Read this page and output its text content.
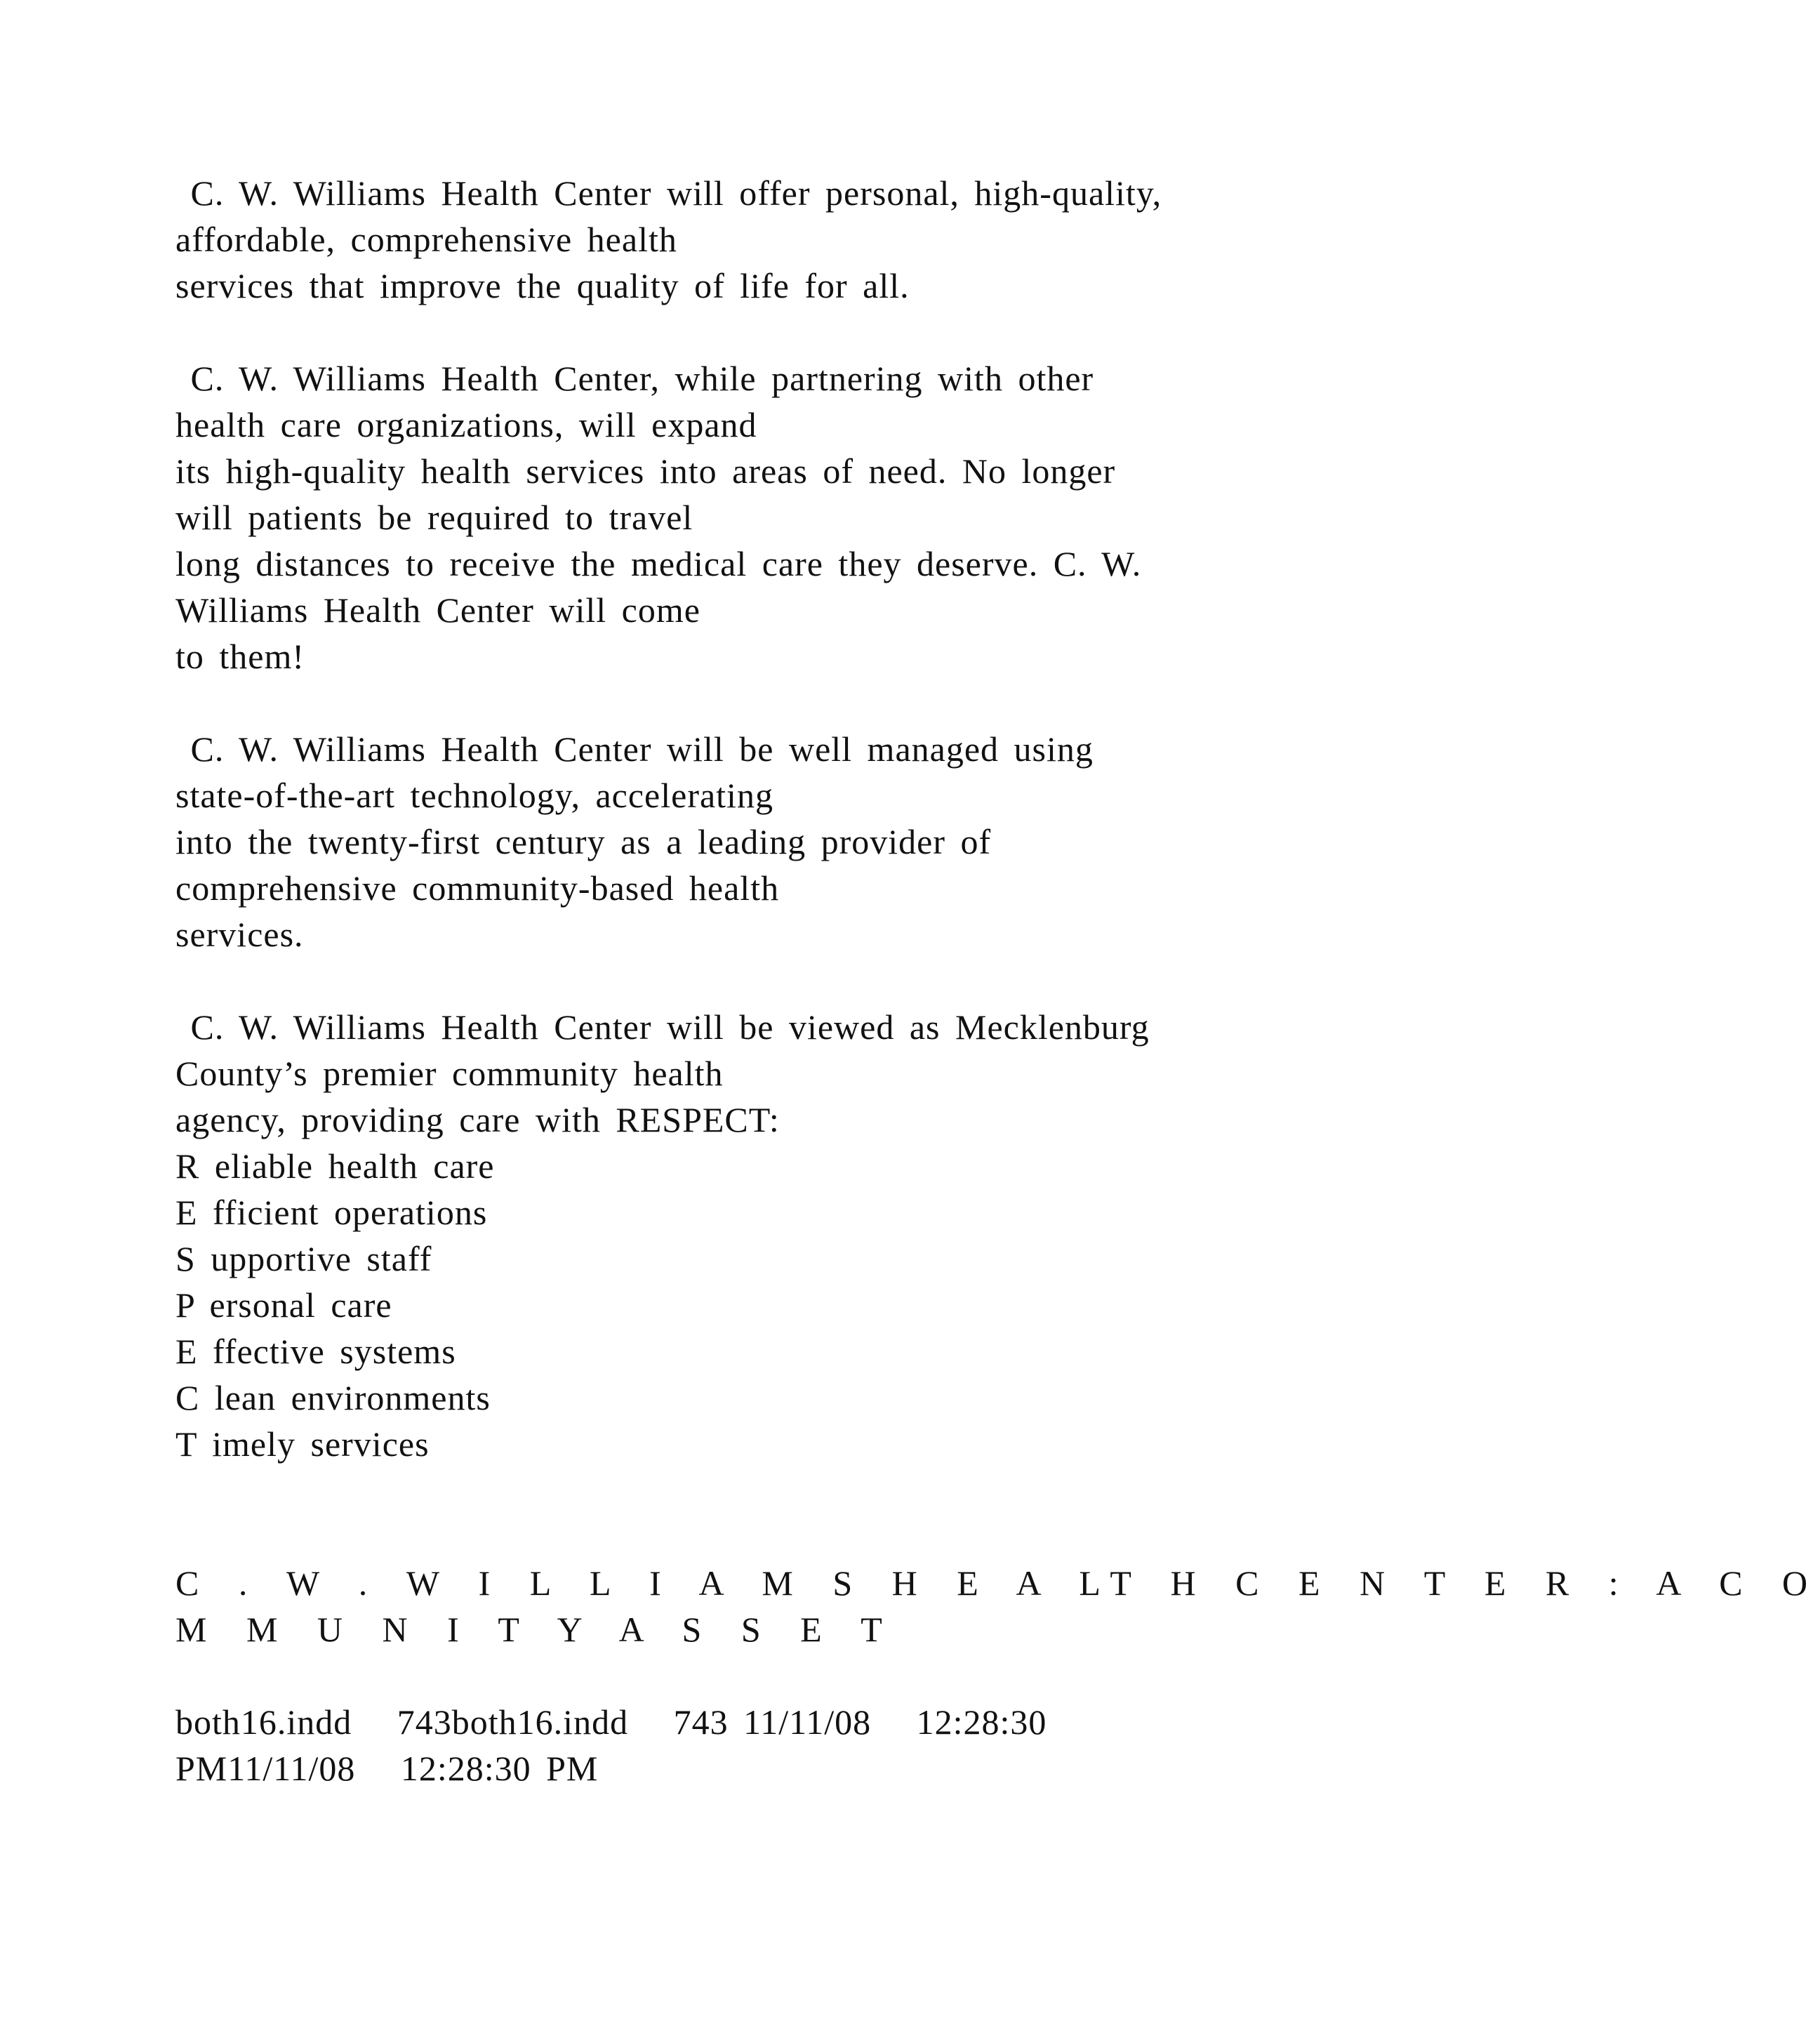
C. W. Williams Health Center will offer personal, high-quality,
affordable, comprehensive health
services that improve the quality of life for all.
C. W. Williams Health Center, while partnering with other
health care organizations, will expand
its high-quality health services into areas of need. No longer
will patients be required to travel
long distances to receive the medical care they deserve. C. W.
Williams Health Center will come
to them!
C. W. Williams Health Center will be well managed using
state-of-the-art technology, accelerating
into the twenty-first century as a leading provider of
comprehensive community-based health
services.
C. W. Williams Health Center will be viewed as Mecklenburg
County’s premier community health
agency, providing care with RESPECT:
R eliable health care
E fficient operations
S upportive staff
P ersonal care
E ffective systems
C lean environments
T imely services
C . W . W I L L I A M S H E A LT H C E N T E R : A C O
M M U N I T Y A S S E T
both16.indd   743both16.indd   743 11/11/08   12:28:30
PM11/11/08   12:28:30 PM
